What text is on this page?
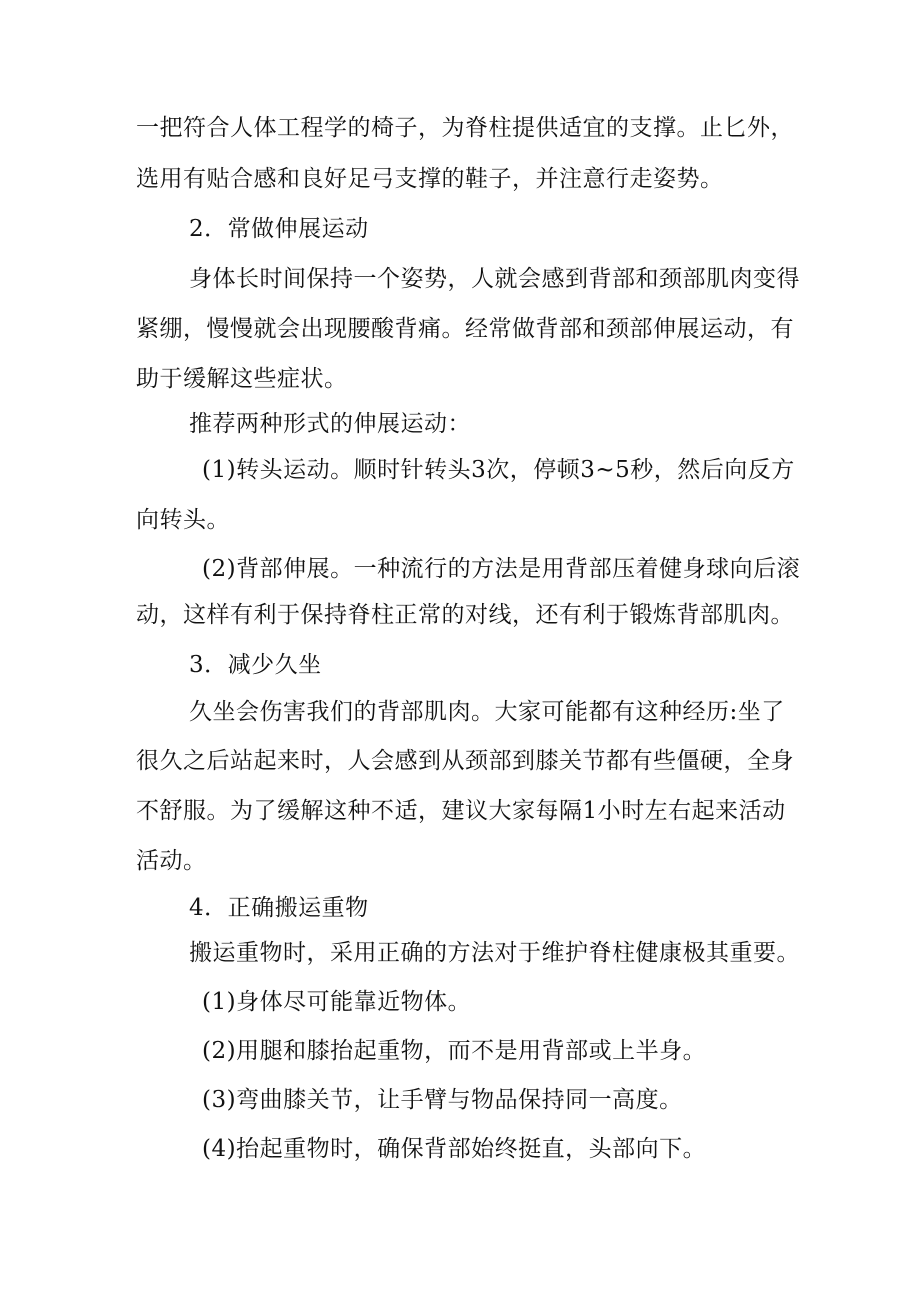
一把符合人体工程学的椅子，为脊柱提供适宜的支撑。止匕外，
选用有贴合感和良好足弓支撑的鞋子，并注意行走姿势。
2．常做伸展运动
身体长时间保持一个姿势，人就会感到背部和颈部肌肉变得
紧绷，慢慢就会出现腰酸背痛。经常做背部和颈部伸展运动，有
助于缓解这些症状。
推荐两种形式的伸展运动：
(1)转头运动。顺时针转头3次，停顿3~5秒，然后向反方
向转头。
(2)背部伸展。一种流行的方法是用背部压着健身球向后滚
动，这样有利于保持脊柱正常的对线，还有利于锻炼背部肌肉。
3．减少久坐
久坐会伤害我们的背部肌肉。大家可能都有这种经历:坐了
很久之后站起来时，人会感到从颈部到膝关节都有些僵硬，全身
不舒服。为了缓解这种不适，建议大家每隔1小时左右起来活动
活动。
4．正确搬运重物
搬运重物时，采用正确的方法对于维护脊柱健康极其重要。
(1)身体尽可能靠近物体。
(2)用腿和膝抬起重物，而不是用背部或上半身。
(3)弯曲膝关节，让手臂与物品保持同一高度。
(4)抬起重物时，确保背部始终挺直，头部向下。
